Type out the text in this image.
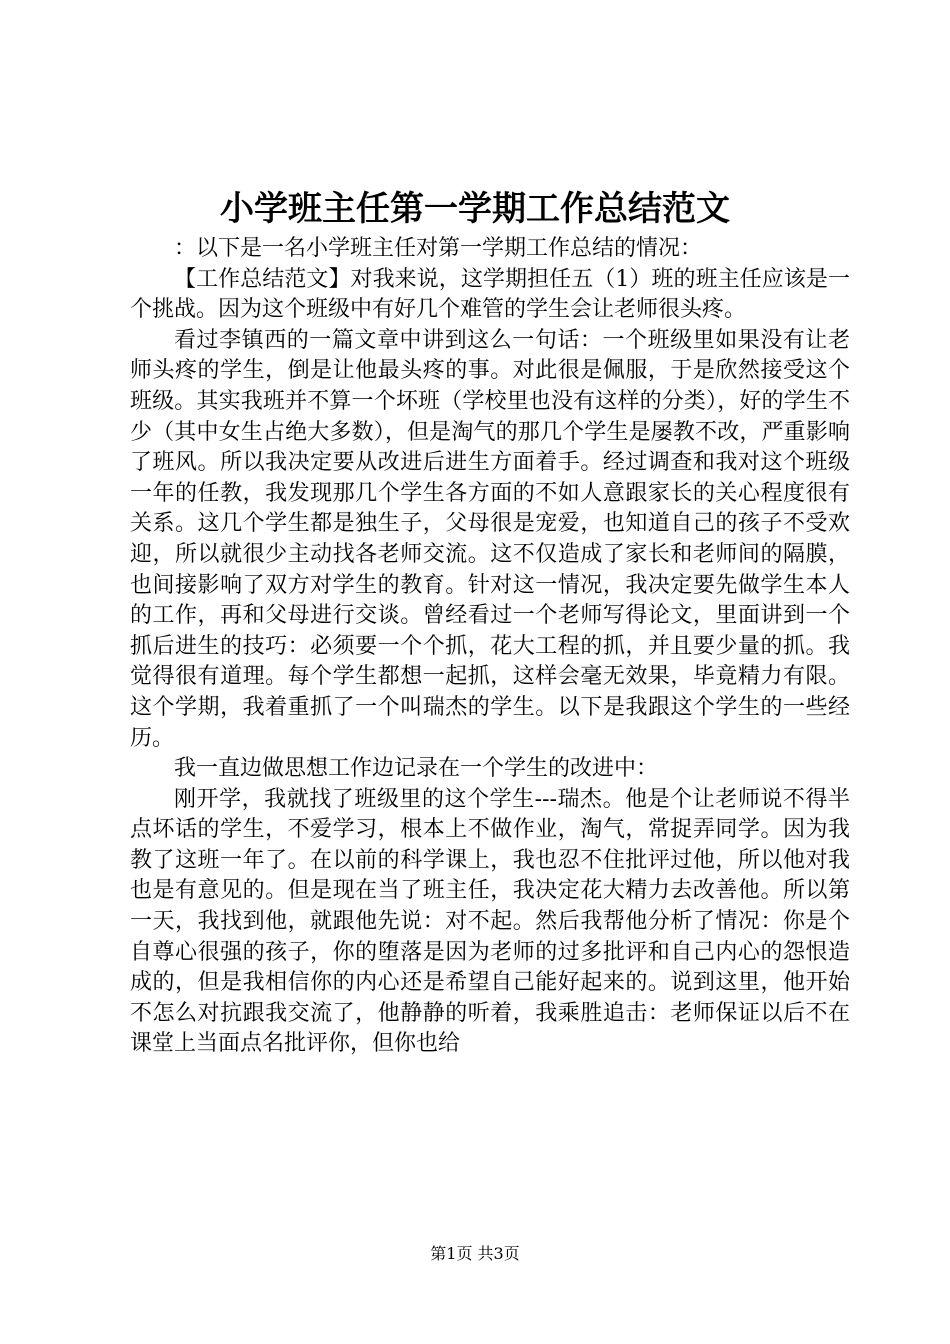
小学班主任第一学期工作总结范文

：以下是一名小学班主任对第一学期工作总结的情况：

【工作总结范文】对我来说，这学期担任五（1）班的班主任应该是一个挑战。因为这个班级中有好几个难管的学生会让老师很头疼。

看过李镇西的一篇文章中讲到这么一句话：一个班级里如果没有让老师头疼的学生，倒是让他最头疼的事。对此很是佩服，于是欣然接受这个班级。其实我班并不算一个坏班（学校里也没有这样的分类），好的学生不少（其中女生占绝大多数），但是淘气的那几个学生是屡教不改，严重影响了班风。所以我决定要从改进后进生方面着手。经过调查和我对这个班级一年的任教，我发现那几个学生各方面的不如人意跟家长的关心程度很有关系。这几个学生都是独生子，父母很是宠爱，也知道自己的孩子不受欢迎，所以就很少主动找各老师交流。这不仅造成了家长和老师间的隔膜，也间接影响了双方对学生的教育。针对这一情况，我决定要先做学生本人的工作，再和父母进行交谈。曾经看过一个老师写得论文，里面讲到一个抓后进生的技巧：必须要一个个抓，花大工程的抓，并且要少量的抓。我觉得很有道理。每个学生都想一起抓，这样会毫无效果，毕竟精力有限。这个学期，我着重抓了一个叫瑞杰的学生。以下是我跟这个学生的一些经历。

我一直边做思想工作边记录在一个学生的改进中：

刚开学，我就找了班级里的这个学生---瑞杰。他是个让老师说不得半点坏话的学生，不爱学习，根本上不做作业，淘气，常捉弄同学。因为我教了这班一年了。在以前的科学课上，我也忍不住批评过他，所以他对我也是有意见的。但是现在当了班主任，我决定花大精力去改善他。所以第一天，我找到他，就跟他先说：对不起。然后我帮他分析了情况：你是个自尊心很强的孩子，你的堕落是因为老师的过多批评和自己内心的怨恨造成的，但是我相信你的内心还是希望自己能好起来的。说到这里，他开始不怎么对抗跟我交流了，他静静的听着，我乘胜追击：老师保证以后不在课堂上当面点名批评你，但你也给

第1页 共3页
